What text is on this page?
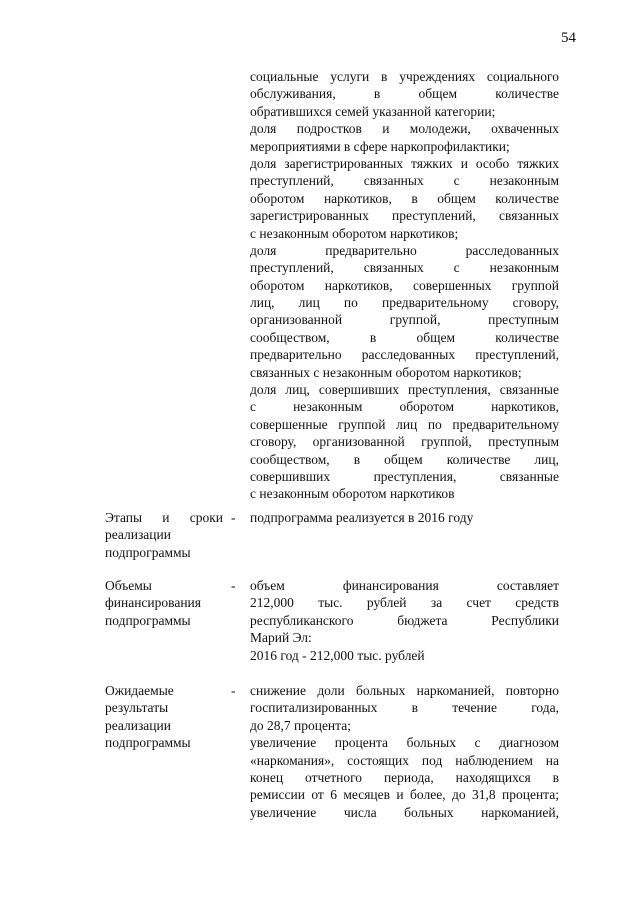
54
социальные услуги в учреждениях социального
обслуживания, в общем количестве
обратившихся семей указанной категории;
доля подростков и молодежи, охваченных
мероприятиями в сфере наркопрофилактики;
доля зарегистрированных тяжких и особо тяжких
преступлений, связанных с незаконным
оборотом наркотиков, в общем количестве
зарегистрированных преступлений, связанных
с незаконным оборотом наркотиков;
доля предварительно расследованных
преступлений, связанных с незаконным
оборотом наркотиков, совершенных группой
лиц, лиц по предварительному сговору,
организованной группой, преступным
сообществом, в общем количестве
предварительно расследованных преступлений,
связанных с незаконным оборотом наркотиков;
доля лиц, совершивших преступления, связанные
с незаконным оборотом наркотиков,
совершенные группой лиц по предварительному
сговору, организованной группой, преступным
сообществом, в общем количестве лиц,
совершивших преступления, связанные
с незаконным оборотом наркотиков
Этапы и сроки
реализации
подпрограммы
- подпрограмма реализуется в 2016 году
Объемы
финансирования
подпрограммы
- объем финансирования составляет
212,000 тыс. рублей за счет средств
республиканского бюджета Республики
Марий Эл:
2016 год - 212,000 тыс. рублей
Ожидаемые
результаты
реализации
подпрограммы
- снижение доли больных наркоманией, повторно
госпитализированных в течение года,
до 28,7 процента;
увеличение процента больных с диагнозом
«наркомания», состоящих под наблюдением на
конец отчетного периода, находящихся в
ремиссии от 6 месяцев и более, до 31,8 процента;
увеличение числа больных наркоманией,
